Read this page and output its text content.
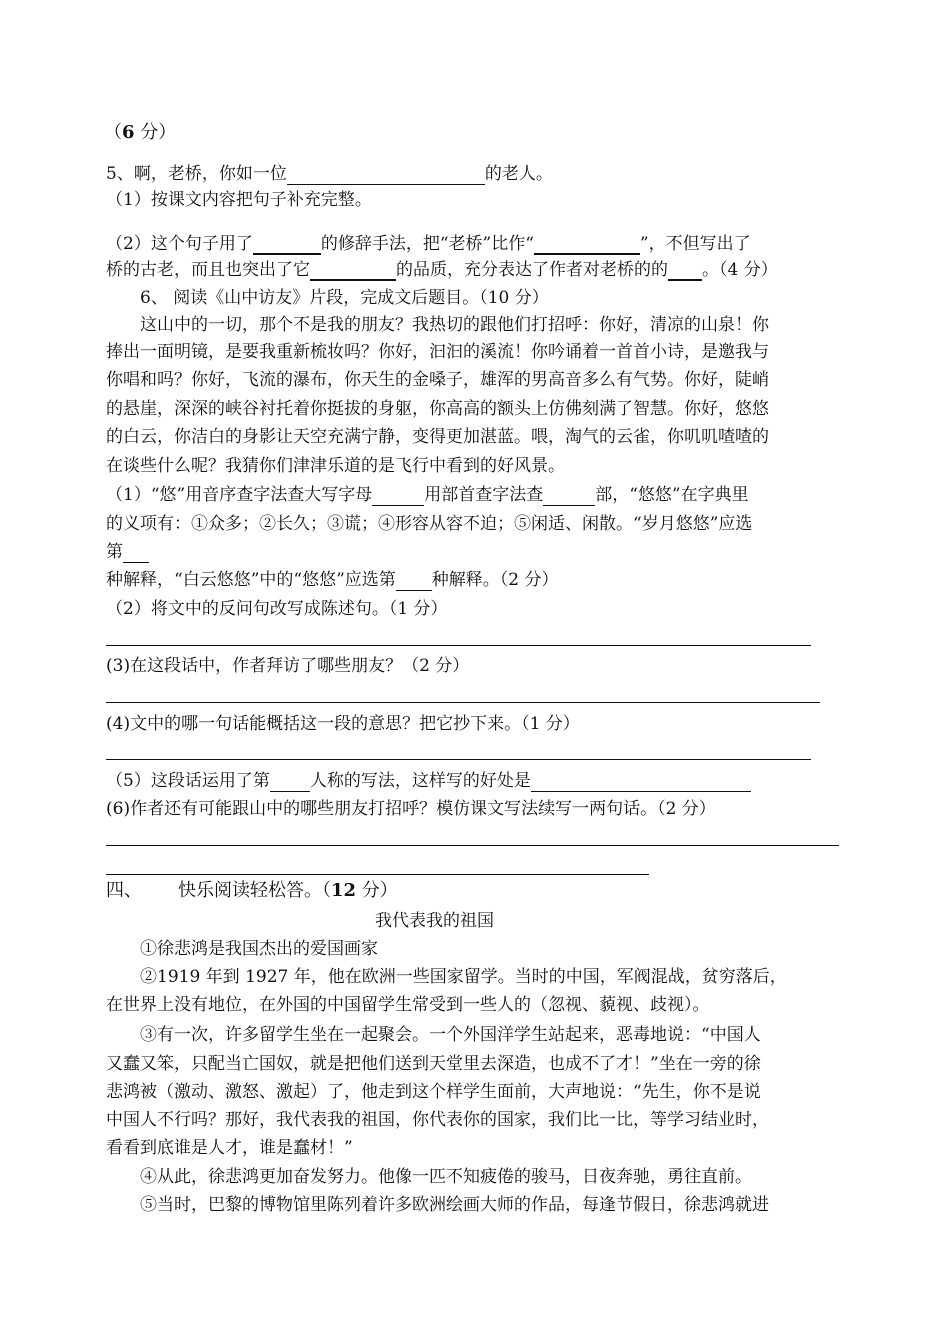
（6 分）
5、啊，老桥，你如一位	的老人。
（1）按课文内容把句子补充完整。
（2）这个句子用了	的修辞手法，把“老桥”比作“	”，不但写出了
桥的古老，而且也突出了它	的品质，充分表达了作者对老桥的的 。（4 分）
6、 阅读《山中访友》片段，完成文后题目。（10 分）
这山中的一切，那个不是我的朋友？我热切的跟他们打招呼：你好，清凉的山泉！你
捧出一面明镜，是要我重新梳妆吗？你好，汩汩的溪流！你吟诵着一首首小诗，是邀我与
你唱和吗？你好，飞流的瀑布，你天生的金嗓子，雄浑的男高音多么有气势。你好，陡峭
的悬崖，深深的峡谷衬托着你挺拔的身躯，你高高的额头上仿佛刻满了智慧。你好，悠悠
的白云，你洁白的身影让天空充满宁静，变得更加湛蓝。喂，淘气的云雀，你叽叽喳喳的
在谈些什么呢？我猜你们津津乐道的是飞行中看到的好风景。
（1）“悠”用音序查字法查大写字母	用部首查字法查	部，“悠悠”在字典里
的义项有：①众多；②长久；③谎；④形容从容不迫；⑤闲适、闲散。“岁月悠悠”应选
第
种解释，“白云悠悠”中的“悠悠”应选第 种解释。（2 分）
（2）将文中的反问句改写成陈述句。（1 分）
(3)在这段话中，作者拜访了哪些朋友？（2 分）
(4)文中的哪一句话能概括这一段的意思？把它抄下来。（1 分）
（5）这段话运用了第 人称的写法，这样写的好处是
(6)作者还有可能跟山中的哪些朋友打招呼？模仿课文写法续写一两句话。（2 分）
四、 快乐阅读轻松答。（12 分）
我代表我的祖国
①徐悲鸿是我国杰出的爱国画家
②1919 年到 1927 年，他在欧洲一些国家留学。当时的中国，军阀混战，贫穷落后，
在世界上没有地位，在外国的中国留学生常受到一些人的（忽视、藐视、歧视）。
③有一次，许多留学生坐在一起聚会。一个外国洋学生站起来，恶毒地说：“中国人
又蠢又笨，只配当亡国奴，就是把他们送到天堂里去深造，也成不了才！”坐在一旁的徐
悲鸿被（激动、激怒、激起）了，他走到这个样学生面前，大声地说：“先生，你不是说
中国人不行吗？那好，我代表我的祖国，你代表你的国家，我们比一比，等学习结业时，
看看到底谁是人才，谁是蠢材！”
④从此，徐悲鸿更加奋发努力。他像一匹不知疲倦的骏马，日夜奔驰，勇往直前。
⑤当时，巴黎的博物馆里陈列着许多欧洲绘画大师的作品，每逢节假日，徐悲鸿就进
